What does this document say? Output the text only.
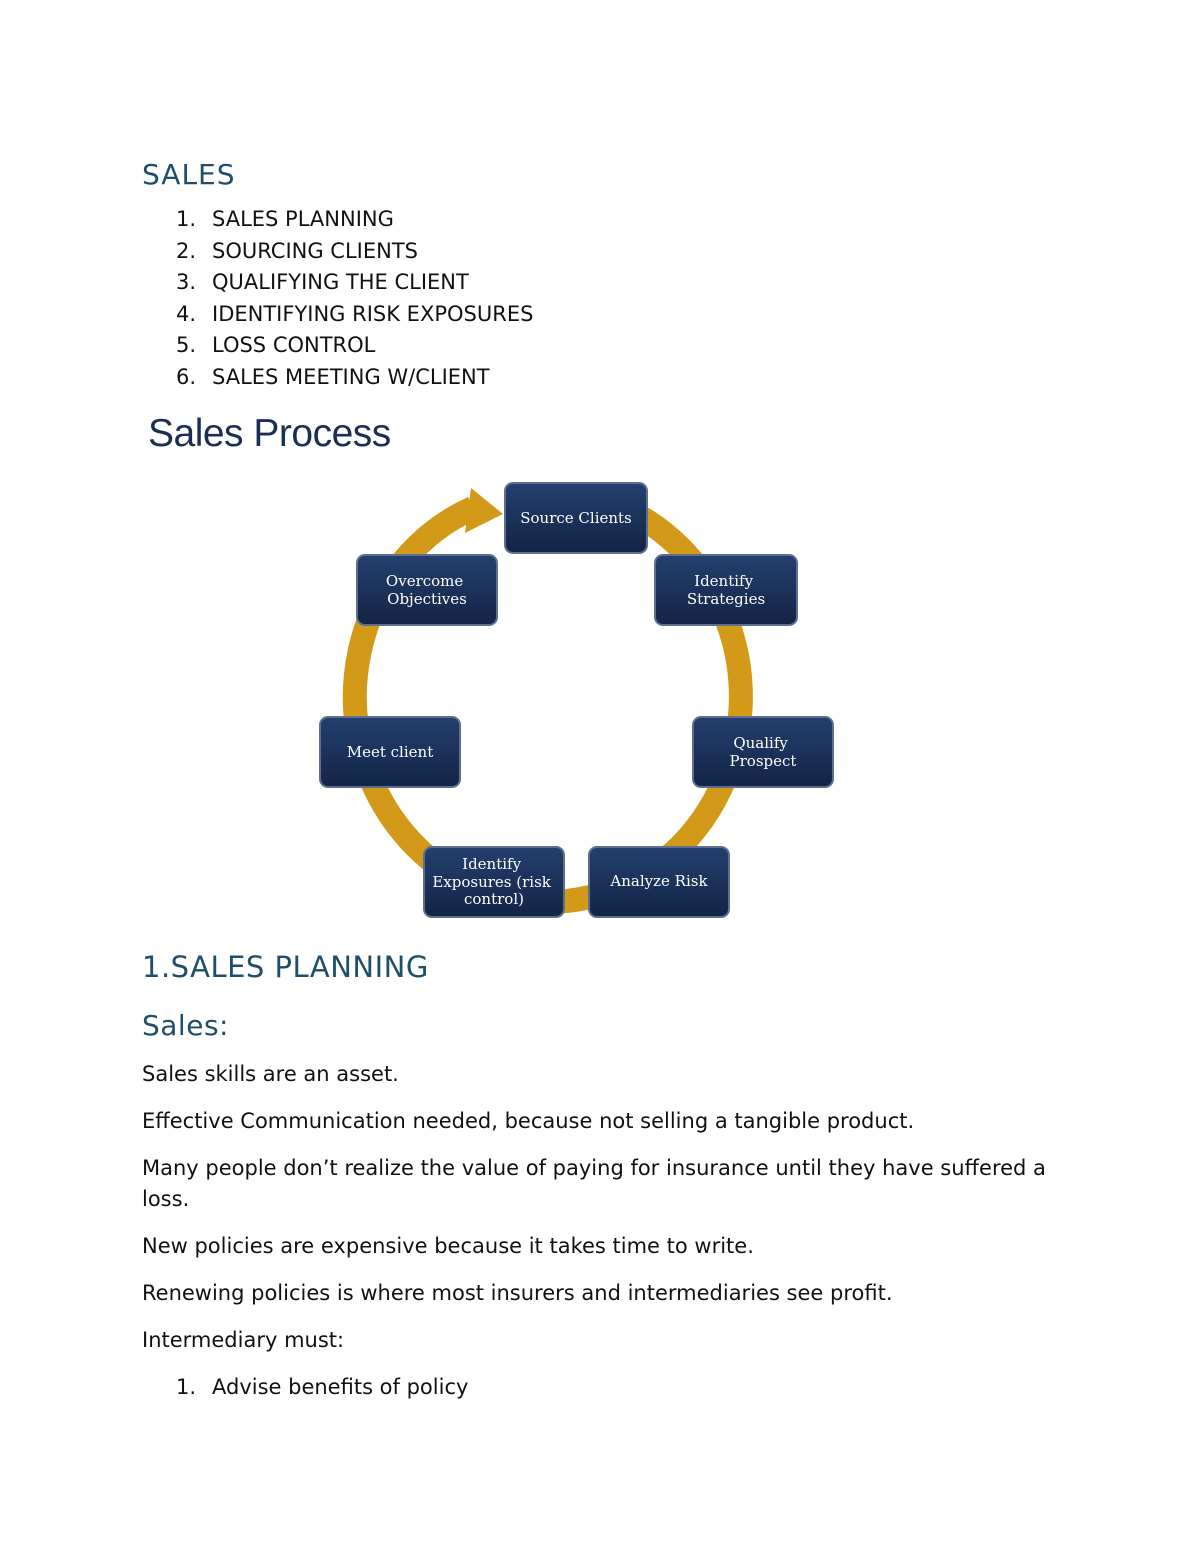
SALES
1. SALES PLANNING
2. SOURCING CLIENTS
3. QUALIFYING THE CLIENT
4. IDENTIFYING RISK EXPOSURES
5. LOSS CONTROL
6. SALES MEETING W/CLIENT
Sales Process
Source Clients
Identify Strategies
Qualify Prospect
Analyze Risk
Identify Exposures (risk control)
Meet client
Overcome Objectives
1.SALES PLANNING
Sales:

Sales skills are an asset.

Effective Communication needed, because not selling a tangible product.

Many people don’t realize the value of paying for insurance until they have suffered a loss.

New policies are expensive because it takes time to write.

Renewing policies is where most insurers and intermediaries see profit.

Intermediary must:

1. Advise benefits of policy
